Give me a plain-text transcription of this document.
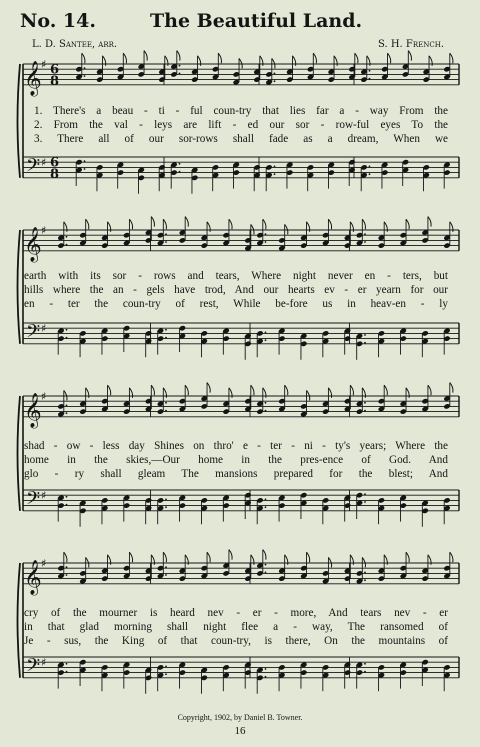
No. 14.	The Beautiful Land.
L. D. Santee, arr.	S. H. French.
𝄞
𝄢
♯
♯
6
8
6
8
𝄞
𝄢
♯
♯
𝄞
𝄢
♯
♯
𝄞
𝄢
♯
♯
1. There's a beau - ti - ful coun-try that lies far a - way From the
2. From the val - leys are lift - ed our sor - row-ful eyes To the
3. There all of our sor-rows shall fade as a dream, When we
earth with its sor - rows and tears, Where night never en - ters, but
hills where the an - gels have trod, And our hearts ev - er yearn for our
en - ter the coun-try of rest, While be-fore us in heav-en - ly
shad - ow - less day Shines on thro' e - ter - ni - ty's years; Where the
home in the skies,—Our home in the pres-ence of God. And
glo - ry shall gleam The mansions prepared for the blest; And
cry of the mourner is heard nev - er - more, And tears nev - er
in that glad morning shall night flee a - way, The ransomed of
Je - sus, the King of that coun-try, is there, On the mountains of
Copyright, 1902, by Daniel B. Towner.
16
